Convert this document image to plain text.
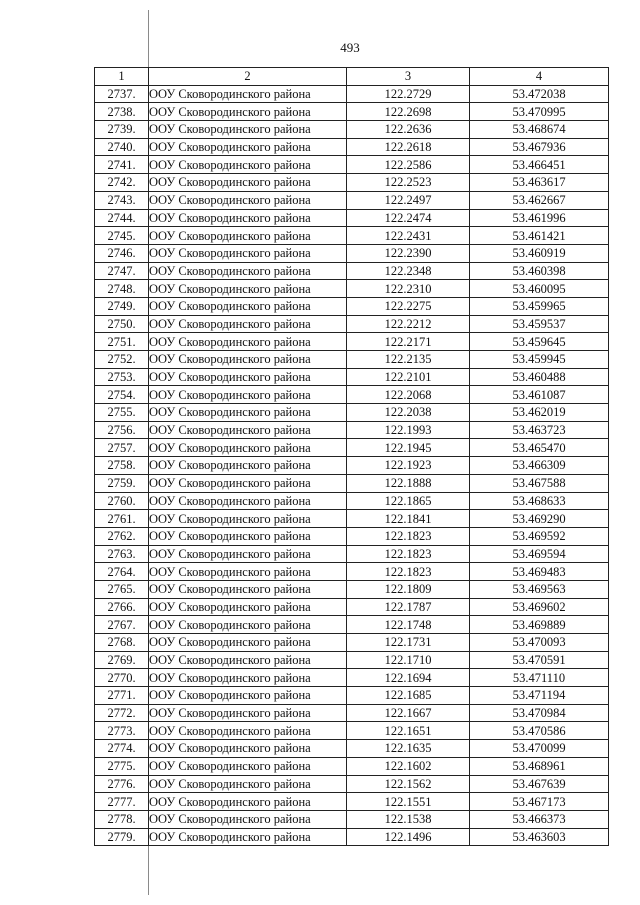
493
1	2	3	4
2737.	ООУ Сковородинского района	122.2729	53.472038
2738.	ООУ Сковородинского района	122.2698	53.470995
2739.	ООУ Сковородинского района	122.2636	53.468674
2740.	ООУ Сковородинского района	122.2618	53.467936
2741.	ООУ Сковородинского района	122.2586	53.466451
2742.	ООУ Сковородинского района	122.2523	53.463617
2743.	ООУ Сковородинского района	122.2497	53.462667
2744.	ООУ Сковородинского района	122.2474	53.461996
2745.	ООУ Сковородинского района	122.2431	53.461421
2746.	ООУ Сковородинского района	122.2390	53.460919
2747.	ООУ Сковородинского района	122.2348	53.460398
2748.	ООУ Сковородинского района	122.2310	53.460095
2749.	ООУ Сковородинского района	122.2275	53.459965
2750.	ООУ Сковородинского района	122.2212	53.459537
2751.	ООУ Сковородинского района	122.2171	53.459645
2752.	ООУ Сковородинского района	122.2135	53.459945
2753.	ООУ Сковородинского района	122.2101	53.460488
2754.	ООУ Сковородинского района	122.2068	53.461087
2755.	ООУ Сковородинского района	122.2038	53.462019
2756.	ООУ Сковородинского района	122.1993	53.463723
2757.	ООУ Сковородинского района	122.1945	53.465470
2758.	ООУ Сковородинского района	122.1923	53.466309
2759.	ООУ Сковородинского района	122.1888	53.467588
2760.	ООУ Сковородинского района	122.1865	53.468633
2761.	ООУ Сковородинского района	122.1841	53.469290
2762.	ООУ Сковородинского района	122.1823	53.469592
2763.	ООУ Сковородинского района	122.1823	53.469594
2764.	ООУ Сковородинского района	122.1823	53.469483
2765.	ООУ Сковородинского района	122.1809	53.469563
2766.	ООУ Сковородинского района	122.1787	53.469602
2767.	ООУ Сковородинского района	122.1748	53.469889
2768.	ООУ Сковородинского района	122.1731	53.470093
2769.	ООУ Сковородинского района	122.1710	53.470591
2770.	ООУ Сковородинского района	122.1694	53.471110
2771.	ООУ Сковородинского района	122.1685	53.471194
2772.	ООУ Сковородинского района	122.1667	53.470984
2773.	ООУ Сковородинского района	122.1651	53.470586
2774.	ООУ Сковородинского района	122.1635	53.470099
2775.	ООУ Сковородинского района	122.1602	53.468961
2776.	ООУ Сковородинского района	122.1562	53.467639
2777.	ООУ Сковородинского района	122.1551	53.467173
2778.	ООУ Сковородинского района	122.1538	53.466373
2779.	ООУ Сковородинского района	122.1496	53.463603
